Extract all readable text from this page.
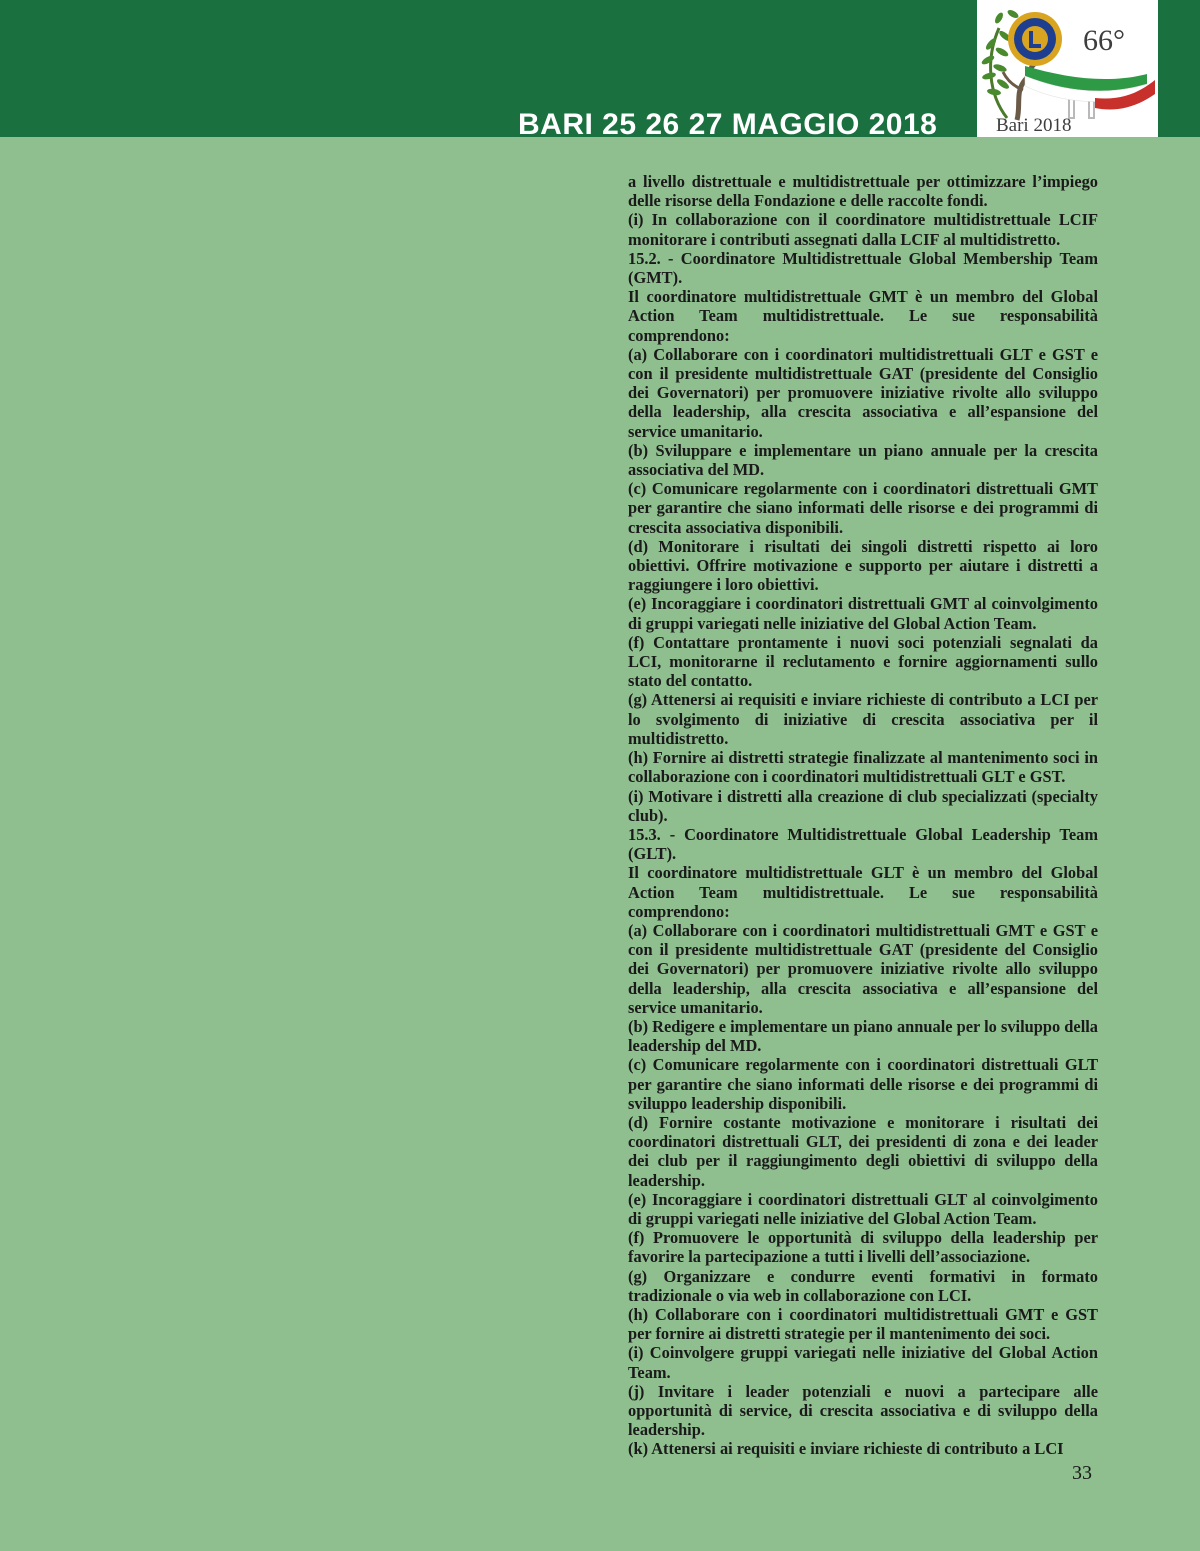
BARI 25 26 27 MAGGIO 2018
66°
Bari 2018

a livello distrettuale e multidistrettuale per ottimizzare l’impiego delle risorse della Fondazione e delle raccolte fondi.

(i) In collaborazione con il coordinatore multidistrettuale LCIF monitorare i contributi assegnati dalla LCIF al multidistretto.

15.2. - Coordinatore Multidistrettuale Global Membership Team (GMT).

Il coordinatore multidistrettuale GMT è un membro del Global Action Team multidistrettuale. Le sue responsabilità comprendono:

(a) Collaborare con i coordinatori multidistrettuali GLT e GST e con il presidente multidistrettuale GAT (presidente del Consiglio dei Governatori) per promuovere iniziative rivolte allo sviluppo della leadership, alla crescita associativa e all’espansione del service umanitario.

(b) Sviluppare e implementare un piano annuale per la crescita associativa del MD.

(c) Comunicare regolarmente con i coordinatori distrettuali GMT per garantire che siano informati delle risorse e dei programmi di crescita associativa disponibili.

(d) Monitorare i risultati dei singoli distretti rispetto ai loro obiettivi. Offrire motivazione e supporto per aiutare i distretti a raggiungere i loro obiettivi.

(e) Incoraggiare i coordinatori distrettuali GMT al coinvolgimento di gruppi variegati nelle iniziative del Global Action Team.

(f) Contattare prontamente i nuovi soci potenziali segnalati da LCI, monitorarne il reclutamento e fornire aggiornamenti sullo stato del contatto.

(g) Attenersi ai requisiti e inviare richieste di contributo a LCI per lo svolgimento di iniziative di crescita associativa per il multidistretto.

(h) Fornire ai distretti strategie finalizzate al mantenimento soci in collaborazione con i coordinatori multidistrettuali GLT e GST.

(i) Motivare i distretti alla creazione di club specializzati (specialty club).

15.3. - Coordinatore Multidistrettuale Global Leadership Team (GLT).

Il coordinatore multidistrettuale GLT è un membro del Global Action Team multidistrettuale. Le sue responsabilità comprendono:

(a) Collaborare con i coordinatori multidistrettuali GMT e GST e con il presidente multidistrettuale GAT (presidente del Consiglio dei Governatori) per promuovere iniziative rivolte allo sviluppo della leadership, alla crescita associativa e all’espansione del service umanitario.

(b) Redigere e implementare un piano annuale per lo sviluppo della leadership del MD.

(c) Comunicare regolarmente con i coordinatori distrettuali GLT per garantire che siano informati delle risorse e dei programmi di sviluppo leadership disponibili.

(d) Fornire costante motivazione e monitorare i risultati dei coordinatori distrettuali GLT, dei presidenti di zona e dei leader dei club per il raggiungimento degli obiettivi di sviluppo della leadership.

(e) Incoraggiare i coordinatori distrettuali GLT al coinvolgimento di gruppi variegati nelle iniziative del Global Action Team.

(f) Promuovere le opportunità di sviluppo della leadership per favorire la partecipazione a tutti i livelli dell’associazione.

(g) Organizzare e condurre eventi formativi in formato tradizionale o via web in collaborazione con LCI.

(h) Collaborare con i coordinatori multidistrettuali GMT e GST per fornire ai distretti strategie per il mantenimento dei soci.

(i) Coinvolgere gruppi variegati nelle iniziative del Global Action Team.

(j) Invitare i leader potenziali e nuovi a partecipare alle opportunità di service, di crescita associativa e di sviluppo della leadership.

(k) Attenersi ai requisiti e inviare richieste di contributo a LCI

33
